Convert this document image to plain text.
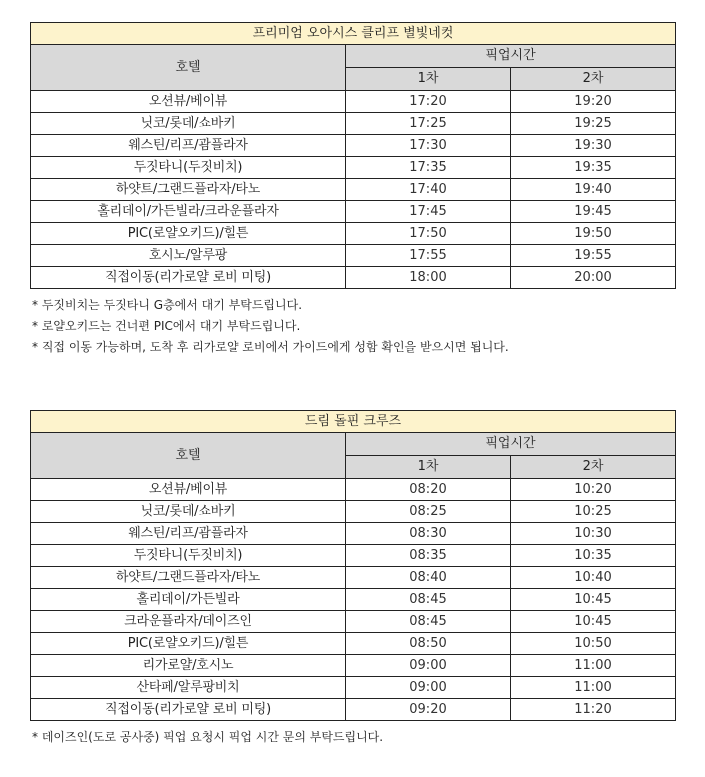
프리미엄 오아시스 클리프 별빛네컷		
호텔	픽업시간	
	1차	2차
오션뷰/베이뷰	17:20	19:20
닛코/롯데/쇼바키	17:25	19:25
웨스틴/리프/괌플라자	17:30	19:30
두짓타니(두짓비치)	17:35	19:35
하얏트/그랜드플라자/타노	17:40	19:40
홀리데이/가든빌라/크라운플라자	17:45	19:45
PIC(로얄오키드)/힐튼	17:50	19:50
호시노/알루팡	17:55	19:55
직접이동(리가로얄 로비 미팅)	18:00	20:00
* 두짓비치는 두짓타니 G층에서 대기 부탁드립니다.
* 로얄오키드는 건너편 PIC에서 대기 부탁드립니다.
* 직접 이동 가능하며, 도착 후 리가로얄 로비에서 가이드에게 성함 확인을 받으시면 됩니다.
드림 돌핀 크루즈		
호텔	픽업시간	
	1차	2차
오션뷰/베이뷰	08:20	10:20
닛코/롯데/쇼바키	08:25	10:25
웨스틴/리프/괌플라자	08:30	10:30
두짓타니(두짓비치)	08:35	10:35
하얏트/그랜드플라자/타노	08:40	10:40
홀리데이/가든빌라	08:45	10:45
크라운플라자/데이즈인	08:45	10:45
PIC(로얄오키드)/힐튼	08:50	10:50
리가로얄/호시노	09:00	11:00
산타페/알루팡비치	09:00	11:00
직접이동(리가로얄 로비 미팅)	09:20	11:20
* 데이즈인(도로 공사중) 픽업 요청시 픽업 시간 문의 부탁드립니다.
